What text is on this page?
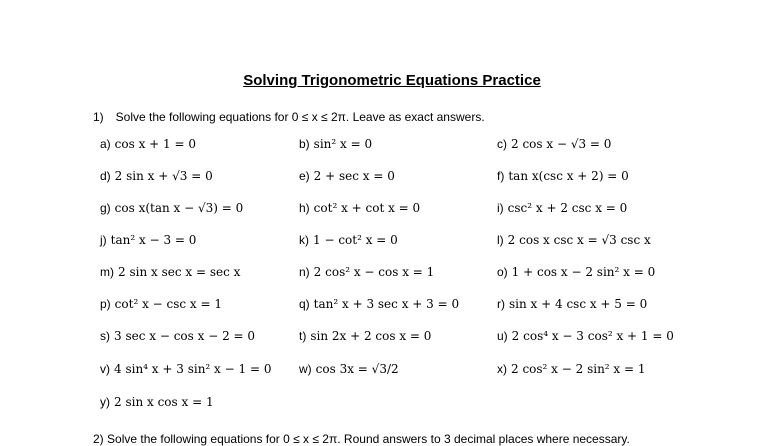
Solving Trigonometric Equations Practice
1) Solve the following equations for 0 ≤ x ≤ 2π. Leave as exact answers.
a) cos x + 1 = 0	b) sin² x = 0	c) 2 cos x − √3 = 0
d) 2 sin x + √3 = 0	e) 2 + sec x = 0	f) tan x(csc x + 2) = 0
g) cos x(tan x − √3) = 0	h) cot² x + cot x = 0	i) csc² x + 2 csc x = 0
j) tan² x − 3 = 0	k) 1 − cot² x = 0	l) 2 cos x csc x = √3 csc x
m) 2 sin x sec x = sec x	n) 2 cos² x − cos x = 1	o) 1 + cos x − 2 sin² x = 0
p) cot² x − csc x = 1	q) tan² x + 3 sec x + 3 = 0	r) sin x + 4 csc x + 5 = 0
s) 3 sec x − cos x − 2 = 0	t) sin 2x + 2 cos x = 0	u) 2 cos⁴ x − 3 cos² x + 1 = 0
v) 4 sin⁴ x + 3 sin² x − 1 = 0 w) cos 3x = √3/2	x) 2 cos² x − 2 sin² x = 1
y) 2 sin x cos x = 1
2) Solve the following equations for 0 ≤ x ≤ 2π. Round answers to 3 decimal places where necessary.
